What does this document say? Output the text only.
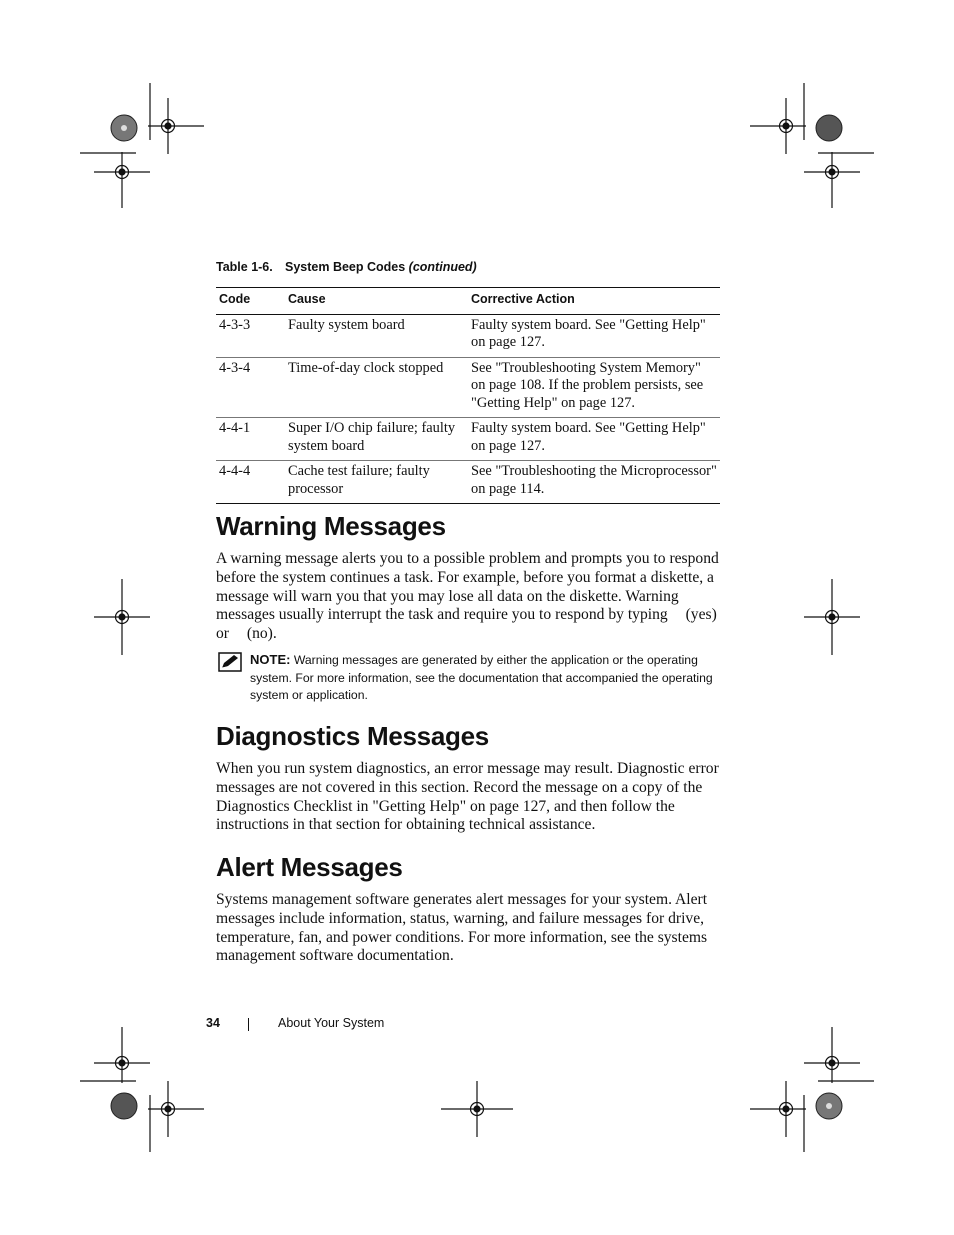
Table 1-6. System Beep Codes (continued)
Code	Cause	Corrective Action
4-3-3	Faulty system board	Faulty system board. See "Getting Help" on page 127.
4-3-4	Time-of-day clock stopped	See "Troubleshooting System Memory" on page 108. If the problem persists, see "Getting Help" on page 127.
4-4-1	Super I/O chip failure; faulty system board	Faulty system board. See "Getting Help" on page 127.
4-4-4	Cache test failure; faulty processor	See "Troubleshooting the Microprocessor" on page 114.
Warning Messages

A warning message alerts you to a possible problem and prompts you to respond before the system continues a task. For example, before you format a diskette, a message will warn you that you may lose all data on the diskette. Warning messages usually interrupt the task and require you to respond by typing (yes) or (no).

NOTE: Warning messages are generated by either the application or the operating system. For more information, see the documentation that accompanied the operating system or application.
Diagnostics Messages

When you run system diagnostics, an error message may result. Diagnostic error messages are not covered in this section. Record the message on a copy of the Diagnostics Checklist in "Getting Help" on page 127, and then follow the instructions in that section for obtaining technical assistance.

Alert Messages

Systems management software generates alert messages for your system. Alert messages include information, status, warning, and failure messages for drive, temperature, fan, and power conditions. For more information, see the systems management software documentation.

34	About Your System
